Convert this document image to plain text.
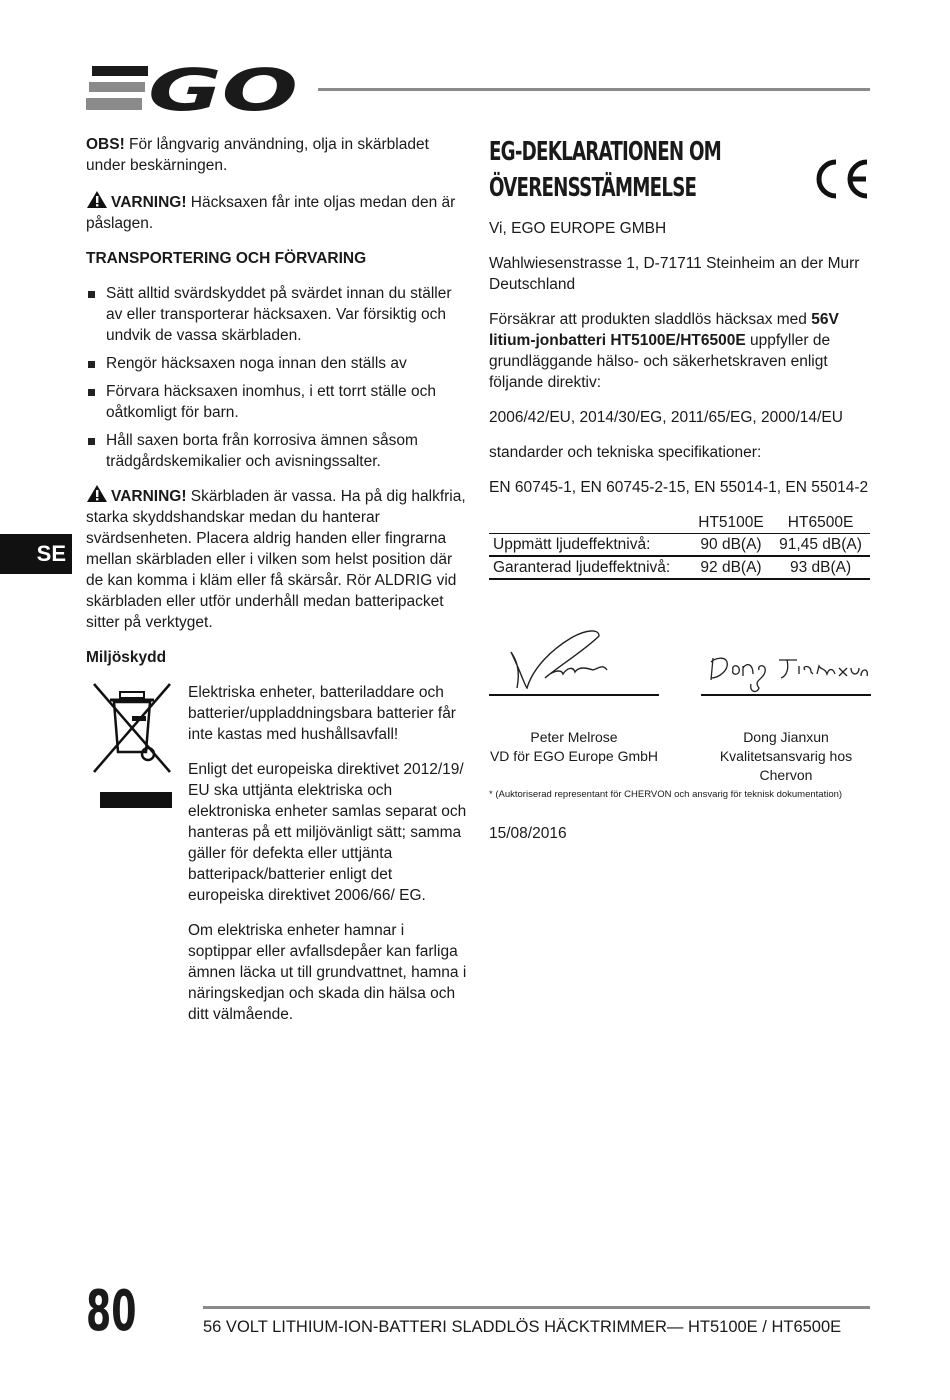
GO
SE

OBS! För långvarig användning, olja in skärbladet under beskärningen.

VARNING! Häcksaxen får inte oljas medan den är påslagen.

TRANSPORTERING OCH FÖRVARING
Sätt alltid svärdskyddet på svärdet innan du ställer av eller transporterar häcksaxen. Var försiktig och undvik de vassa skärbladen.
Rengör häcksaxen noga innan den ställs av
Förvara häcksaxen inomhus, i ett torrt ställe och oåtkomligt för barn.
Håll saxen borta från korrosiva ämnen såsom trädgårdskemikalier och avisningssalter.

VARNING! Skärbladen är vassa. Ha på dig halkfria, starka skyddshandskar medan du hanterar svärdsenheten. Placera aldrig handen eller fingrarna mellan skärbladen eller i vilken som helst position där de kan komma i kläm eller få skärsår. Rör ALDRIG vid skärbladen eller utför underhåll medan batteripacket sitter på verktyget.

Miljöskydd

Elektriska enheter, batteriladdare och batterier/uppladdningsbara batterier får inte kastas med hushållsavfall!

Enligt det europeiska direktivet 2012/19/ EU ska uttjänta elektriska och elektroniska enheter samlas separat och hanteras på ett miljövänligt sätt; samma gäller för defekta eller uttjänta batteripack/batterier enligt det europeiska direktivet 2006/66/ EG.

Om elektriska enheter hamnar i soptippar eller avfallsdepåer kan farliga ämnen läcka ut till grundvattnet, hamna i näringskedjan och skada din hälsa och ditt välmående.

EG-DEKLARATIONEN OM
ÖVERENSSTÄMMELSE

Vi, EGO EUROPE GMBH

Wahlwiesenstrasse 1, D-71711 Steinheim an der Murr Deutschland

Försäkrar att produkten sladdlös häcksax med 56V litium-jonbatteri HT5100E/HT6500E uppfyller de grundläggande hälso- och säkerhetskraven enligt följande direktiv:

2006/42/EU, 2014/30/EG, 2011/65/EG, 2000/14/EU

standarder och tekniska specifikationer:

EN 60745-1, EN 60745-2-15, EN 55014-1, EN 55014-2

	HT5100E	HT6500E
Uppmätt ljudeffektnivå:	90 dB(A)	91,45 dB(A)
Garanterad ljudeffektnivå:	92 dB(A)	93 dB(A)
Peter Melrose
VD för EGO Europe GmbH
Dong Jianxun
Kvalitetsansvarig hos Chervon

* (Auktoriserad representant för CHERVON och ansvarig för teknisk dokumentation)

15/08/2016

80	56 VOLT LITHIUM-ION-BATTERI SLADDLÖS HÄCKTRIMMER— HT5100E / HT6500E
